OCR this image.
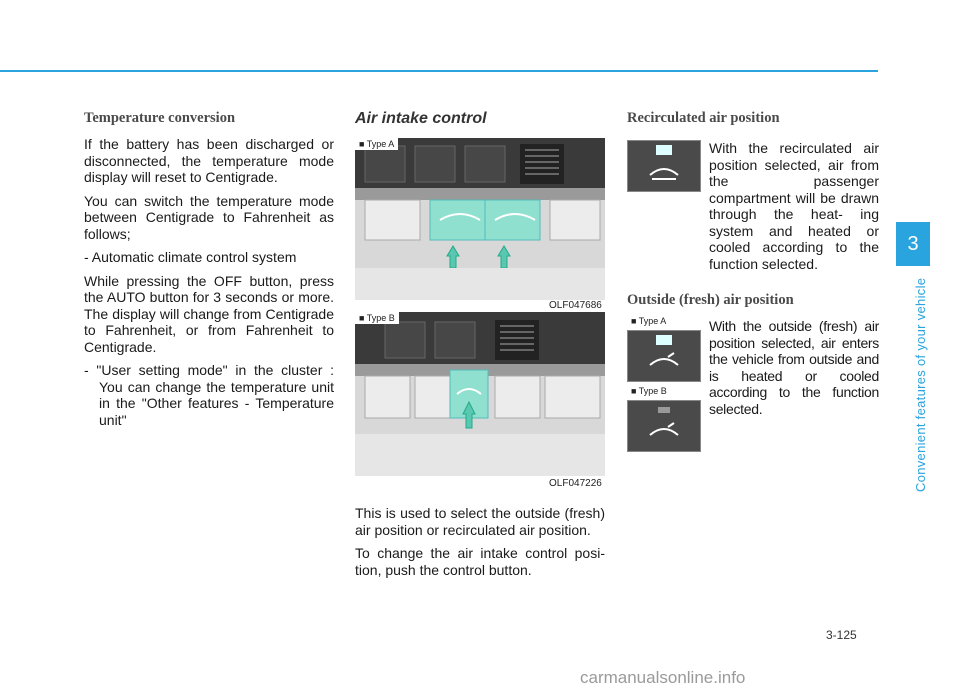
Temperature conversion

If the battery has been discharged or disconnected, the temperature mode display will reset to Centigrade.

You can switch the temperature mode between Centigrade to Fahrenheit as follows;

- Automatic climate control system

While pressing the OFF button, press the AUTO button for 3 seconds or more. The display will change from Centigrade to Fahrenheit, or from Fahrenheit to Centigrade.

- "User setting mode" in the cluster : You can change the temperature unit in the "Other features - Temperature unit"

Air intake control
■ Type A
OLF047686
■ Type B
OLF047226

This is used to select the outside (fresh) air position or recirculated air position.

To change the air intake control posi- tion, push the control button.

Recirculated air position

With the recirculated air position selected, air from the passenger compartment will be drawn through the heat- ing system and heated or cooled according to the function selected.

Outside (fresh) air position
■ Type A
■ Type B

With the outside (fresh) air position selected, air enters the vehicle from outside and is heated or cooled according to the function selected.

3
Convenient features of your vehicle
3-125
carmanualsonline.info
